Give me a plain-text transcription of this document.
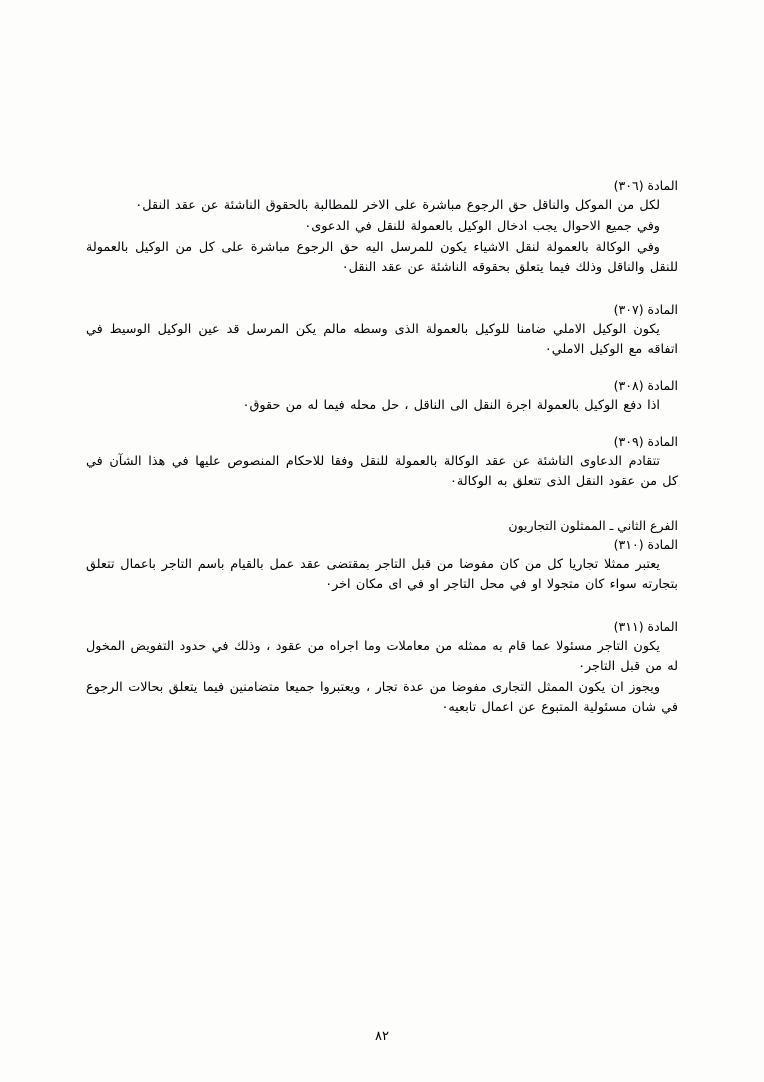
المادة (٣٠٦)

لكل من الموكل والناقل حق الرجوع مباشرة على الاخر للمطالبة بالحقوق الناشئة عن عقد النقل٠

وفي جميع الاحوال يجب ادخال الوكيل بالعمولة للنقل في الدعوى٠

وفي الوكالة بالعمولة لنقل الاشياء يكون للمرسل اليه حق الرجوع مباشرة على كل من الوكيل بالعمولة للنقل والناقل وذلك فيما يتعلق بحقوقه الناشئة عن عقد النقل٠

المادة (٣٠٧)

يكون الوكيل الاملي ضامنا للوكيل بالعمولة الذى وسطه مالم يكن المرسل قد عين الوكيل الوسيط في اتفاقه مع الوكيل الاملي٠

المادة (٣٠٨)

اذا دفع الوكيل بالعمولة اجرة النقل الى الناقل ، حل محله فيما له من حقوق٠

المادة (٣٠٩)

تتقادم الدعاوى الناشئة عن عقد الوكالة بالعمولة للنقل وفقا للاحكام المنصوص عليها في هذا الشآن في كل من عقود النقل الذى تتعلق به الوكالة٠

الفرع الثاني ـ الممثلون التجاريون
المادة (٣١٠)

يعتبر ممثلا تجاريا كل من كان مفوضا من قبل التاجر بمقتضى عقد عمل بالقيام باسم التاجر باعمال تتعلق بتجارته سواء كان متجولا او في محل التاجر او في اى مكان اخر٠

المادة (٣١١)

يكون التاجر مسئولا عما قام به ممثله من معاملات وما اجراه من عقود ، وذلك في حدود التفويض المخول له من قبل التاجر٠

ويجوز ان يكون الممثل التجارى مفوضا من عدة تجار ، ويعتبروا جميعا متضامنين فيما يتعلق بحالات الرجوع في شان مسئولية المتبوع عن اعمال تابعيه٠

٨٢
